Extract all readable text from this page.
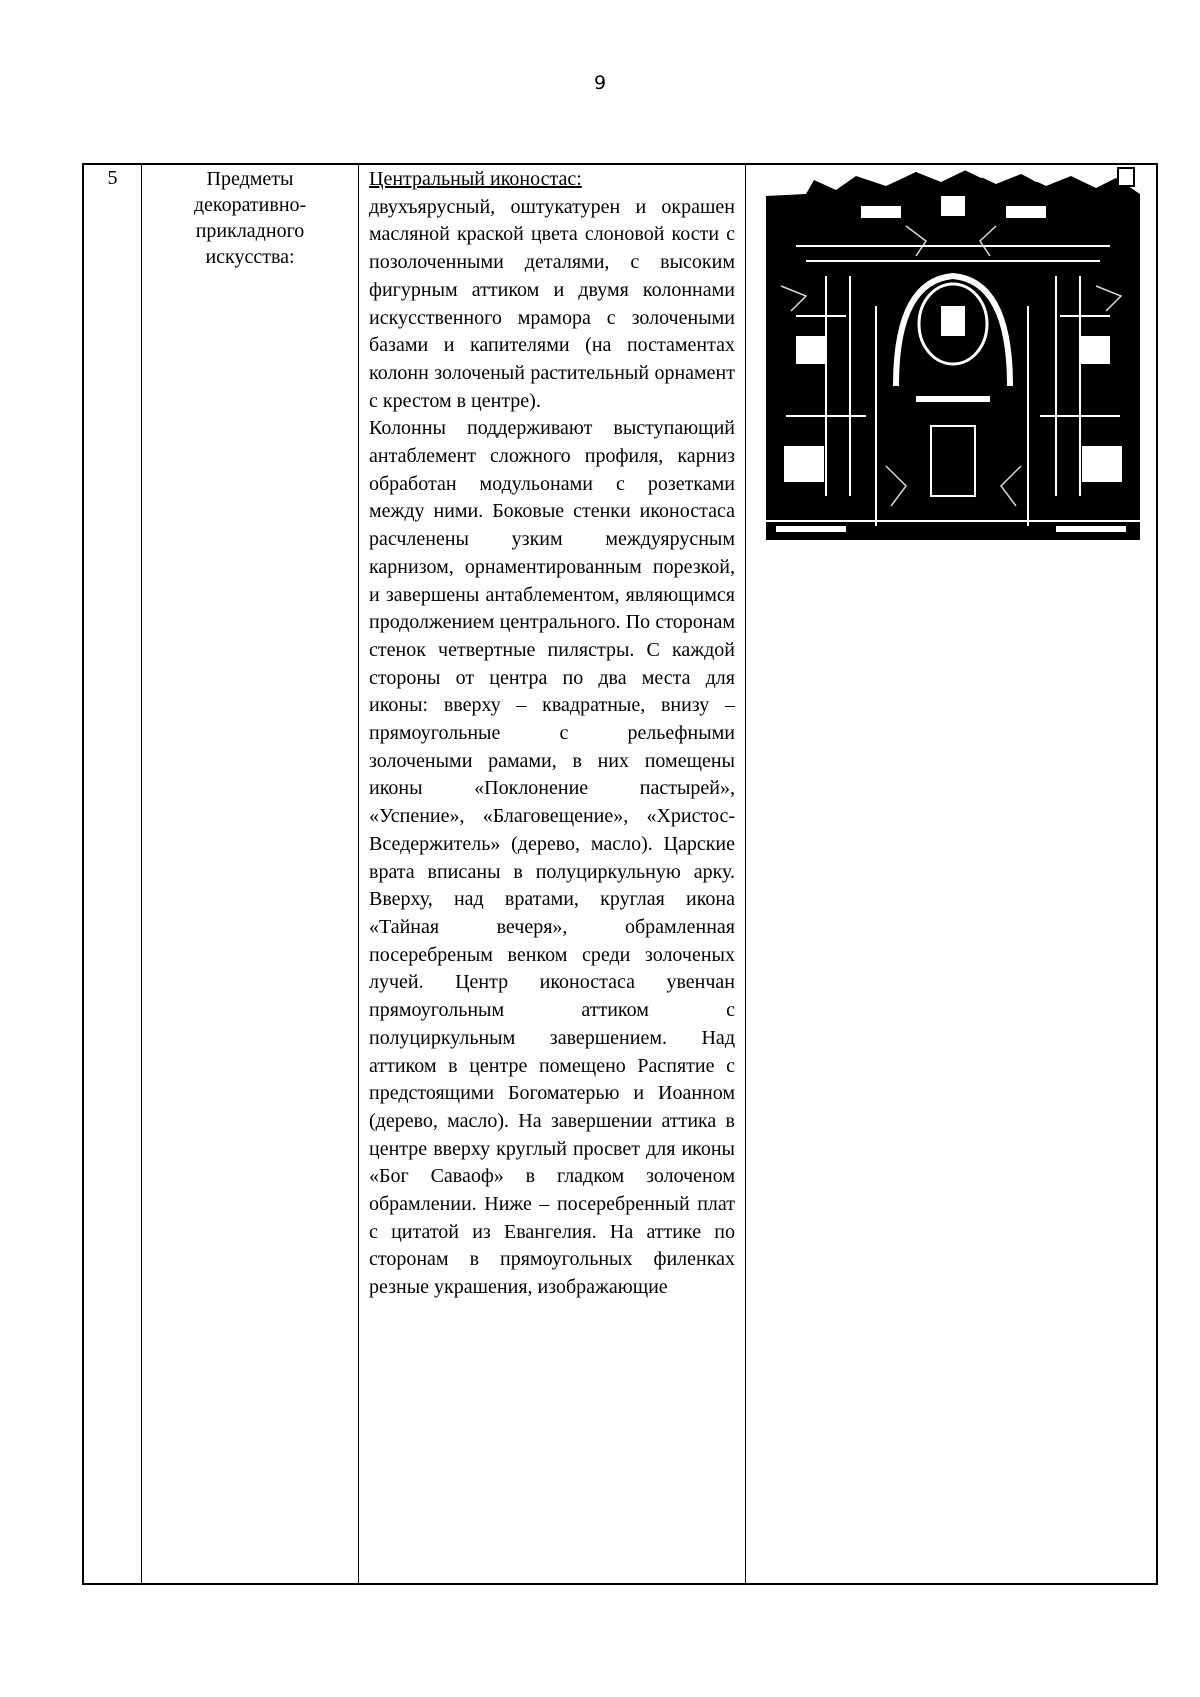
9
5	Предметы декоративно-прикладного искусства:
Центральный иконостас:

двухъярусный, оштукатурен и окрашен масляной краской цвета слоновой кости с позолоченными деталями, с высоким фигурным аттиком и двумя колоннами искусственного мрамора с золочеными базами и капителями (на постаментах колонн золоченый растительный орнамент с крестом в центре).

Колонны поддерживают выступающий антаблемент сложного профиля, карниз обработан модульонами с розетками между ними. Боковые стенки иконостаса расчленены узким междуярусным карнизом, орнаментированным порезкой, и завершены антаблементом, являющимся продолжением центрального. По сторонам стенок четвертные пилястры. С каждой стороны от центра по два места для иконы: вверху – квадратные, внизу – прямоугольные с рельефными золочеными рамами, в них помещены иконы «Поклонение пастырей», «Успение», «Благовещение», «Христос-Вседержитель» (дерево, масло). Царские врата вписаны в полуциркульную арку. Вверху, над вратами, круглая икона «Тайная вечеря», обрамленная посеребреным венком среди золоченых лучей. Центр иконостаса увенчан прямоугольным аттиком с полуциркульным завершением. Над аттиком в центре помещено Распятие с предстоящими Богоматерью и Иоанном (дерево, масло). На завершении аттика в центре вверху круглый просвет для иконы «Бог Саваоф» в гладком золоченом обрамлении. Ниже – посеребренный плат с цитатой из Евангелия. На аттике по сторонам в прямоугольных филенках резные украшения, изображающие
